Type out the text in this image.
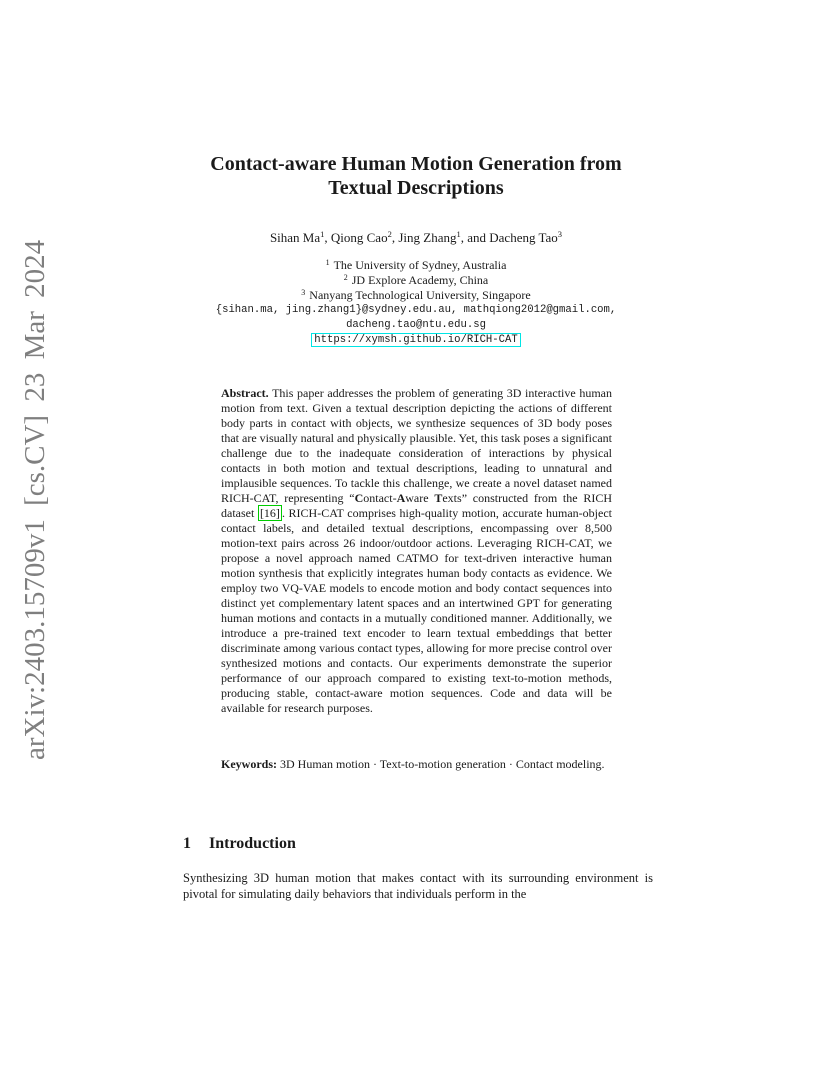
arXiv:2403.15709v1 [cs.CV] 23 Mar 2024
Contact-aware Human Motion Generation from
Textual Descriptions
Sihan Ma$^1$, Qiong Cao$^2$, Jing Zhang$^1$, and Dacheng Tao$^3$
$^1$ The University of Sydney, Australia
$^2$ JD Explore Academy, China
$^3$ Nanyang Technological University, Singapore
{sihan.ma, jing.zhang1}@sydney.edu.au, mathqiong2012@gmail.com,
dacheng.tao@ntu.edu.sg
https://xymsh.github.io/RICH-CAT
Abstract. This paper addresses the problem of generating 3D interactive human motion from text. Given a textual description depicting the actions of different body parts in contact with objects, we synthesize sequences of 3D body poses that are visually natural and physically plausible. Yet, this task poses a significant challenge due to the inadequate consideration of interactions by physical contacts in both motion and textual descriptions, leading to unnatural and implausible sequences. To tackle this challenge, we create a novel dataset named RICH-CAT, representing “Contact-Aware Texts” constructed from the RICH dataset [16] . RICH-CAT comprises high-quality motion, accurate human-object contact labels, and detailed textual descriptions, encompassing over 8,500 motion-text pairs across 26 indoor/outdoor actions. Leveraging RICH-CAT, we propose a novel approach named CATMO for text-driven interactive human motion synthesis that explicitly integrates human body contacts as evidence. We employ two VQ-VAE models to encode motion and body contact sequences into distinct yet complementary latent spaces and an intertwined GPT for generating human motions and contacts in a mutually conditioned manner. Additionally, we introduce a pre-trained text encoder to learn textual embeddings that better discriminate among various contact types, allowing for more precise control over synthesized motions and contacts. Our experiments demonstrate the superior performance of our approach compared to existing text-to-motion methods, producing stable, contact-aware motion sequences. Code and data will be available for research purposes.
Keywords: 3D Human motion · Text-to-motion generation · Contact modeling.
1 Introduction
Synthesizing 3D human motion that makes contact with its surrounding environment is pivotal for simulating daily behaviors that individuals perform in the
